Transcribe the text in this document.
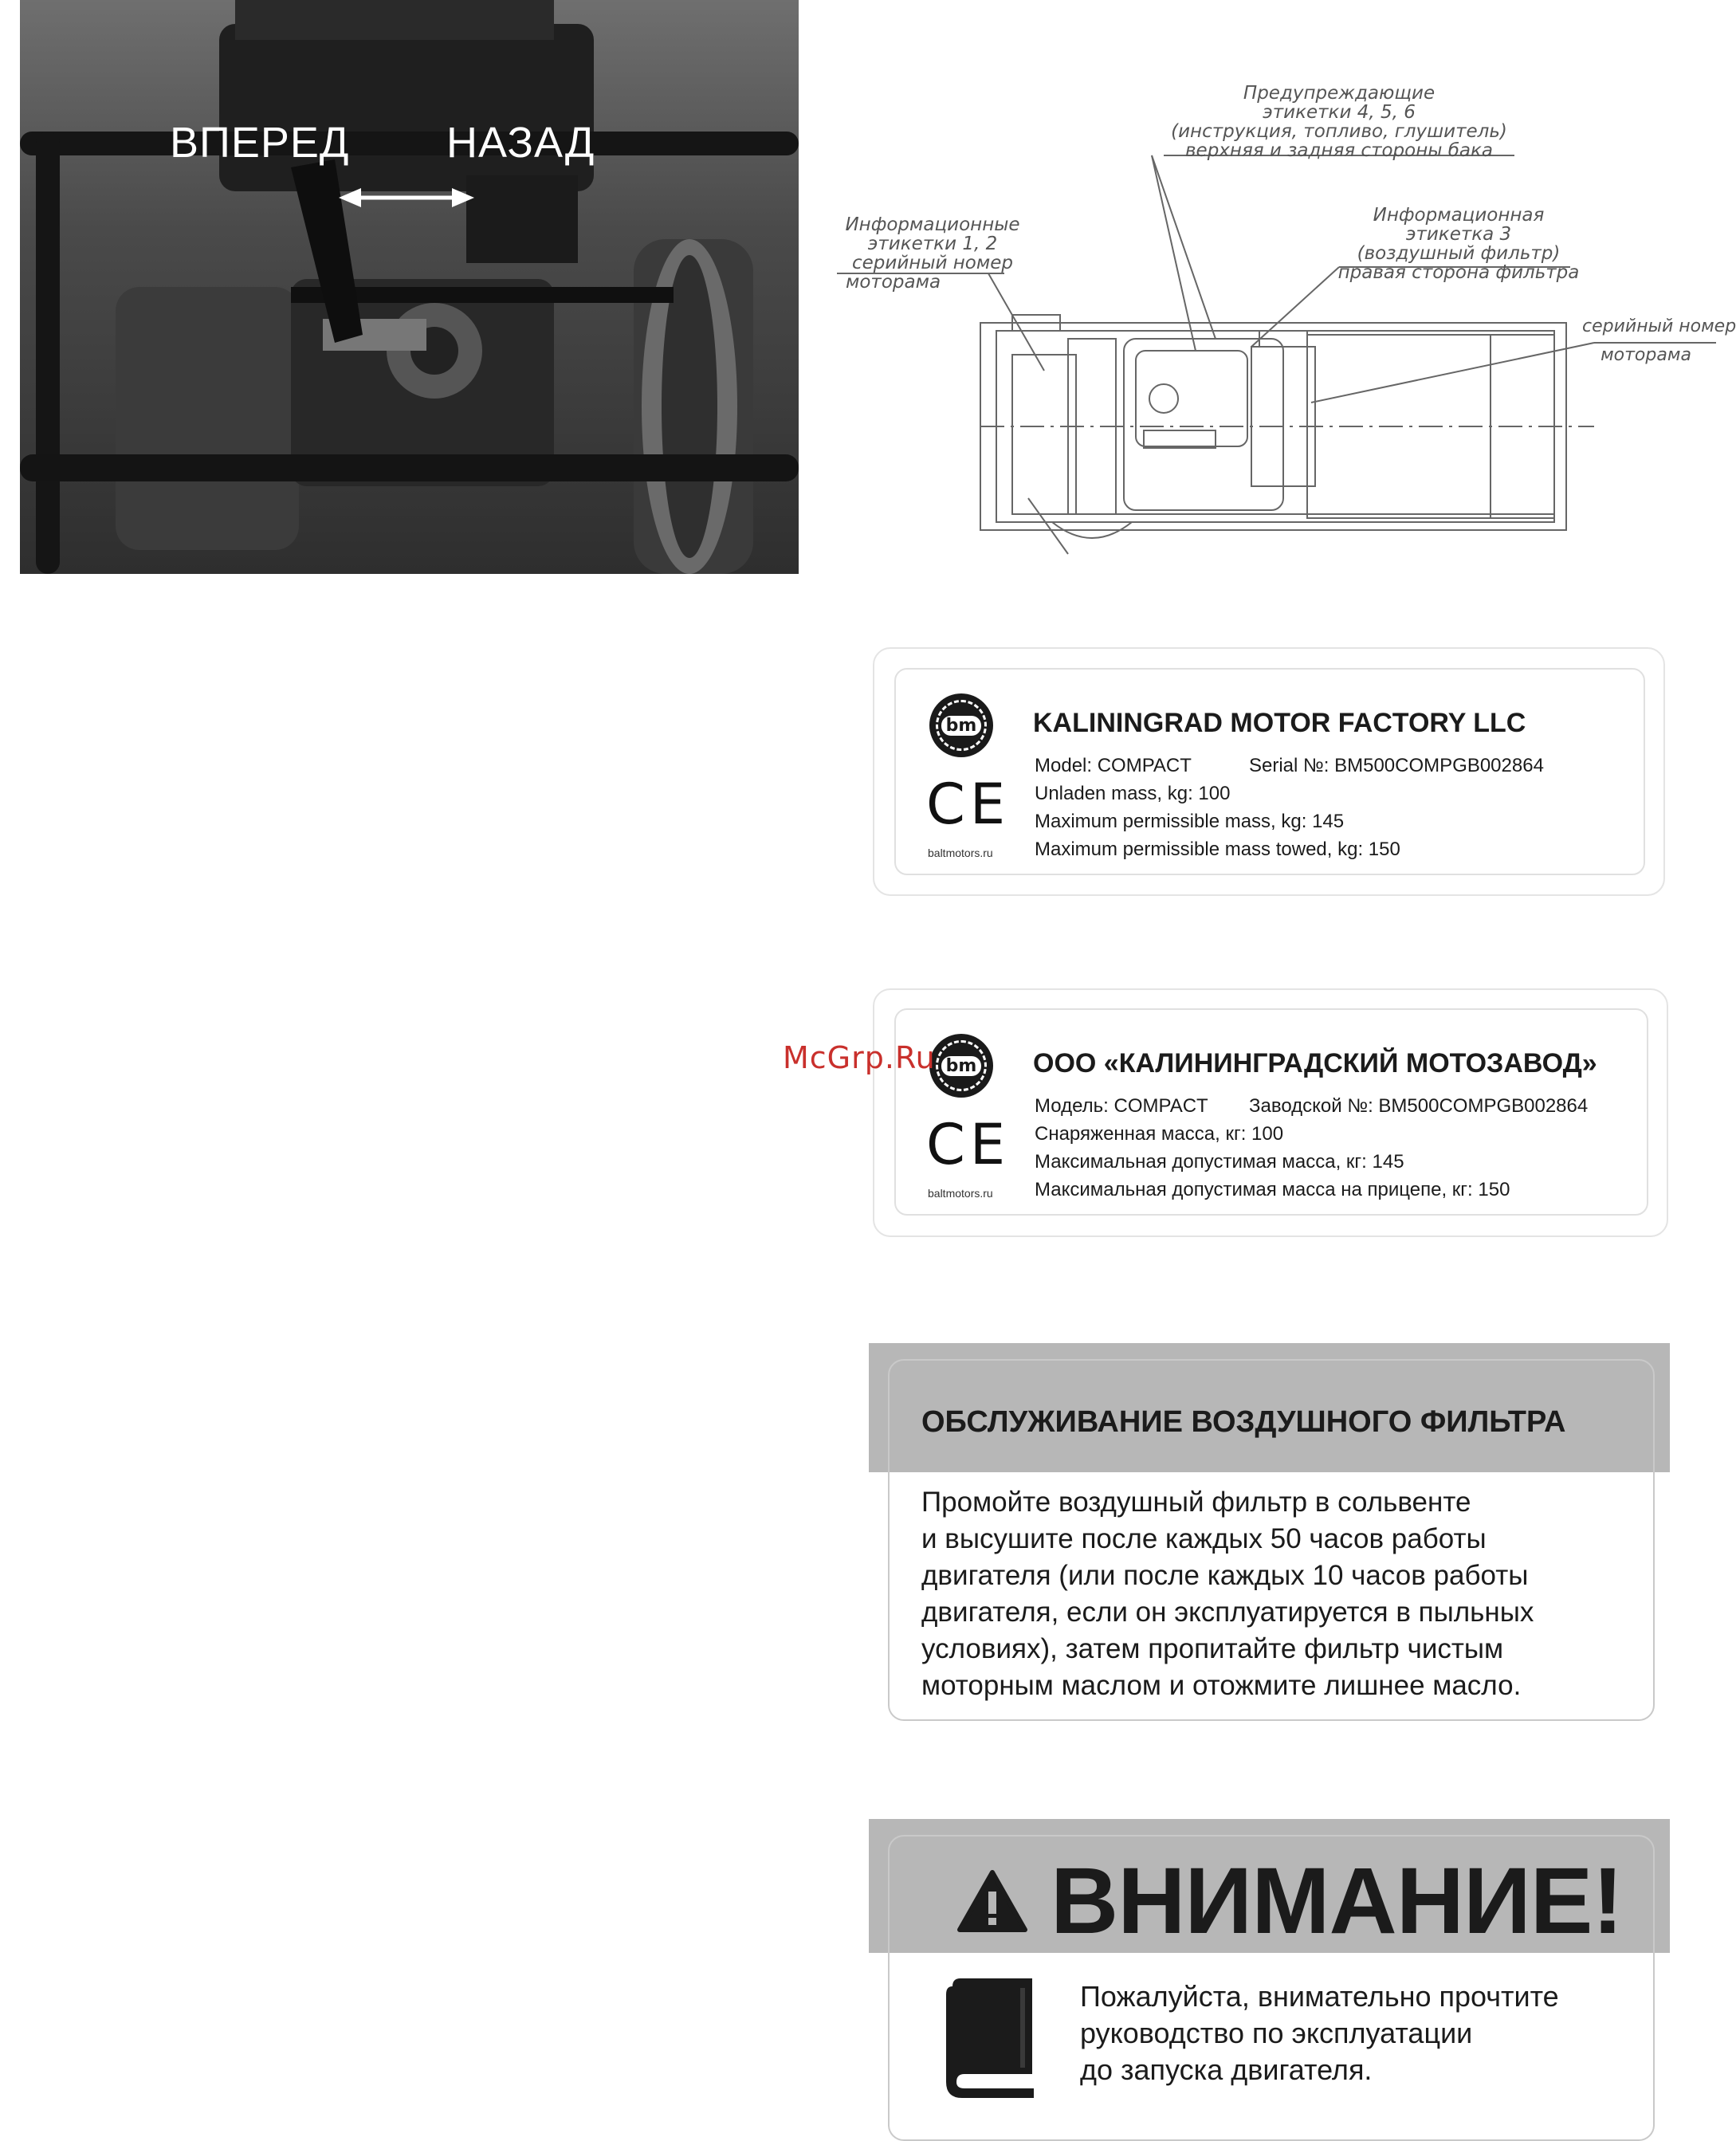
ВПЕРЕД НАЗАД
Предупреждающие
этикетки 4, 5, 6
(инструкция, топливо, глушитель)
верхняя и задняя стороны бака
Информационные
этикетки 1, 2
серийный номер
моторама
Информационная
этикетка 3
(воздушный фильтр)
правая сторона фильтра
серийный номер
моторама
bm
CE
baltmotors.ru
KALININGRAD MOTOR FACTORY LLC
Model: COMPACT	Serial №: BM500COMPGB002864
Unladen mass, kg: 100
Maximum permissible mass, kg: 145
Maximum permissible mass towed, kg: 150
bm
CE
baltmotors.ru
ООО «КАЛИНИНГРАДСКИЙ МОТОЗАВОД»
Модель: COMPACT Заводской №: BM500COMPGB002864
Снаряженная масса, кг: 100
Максимальная допустимая масса, кг: 145
Максимальная допустимая масса на прицепе, кг: 150
McGrp.Ru
ОБСЛУЖИВАНИЕ ВОЗДУШНОГО ФИЛЬТРА
Промойте воздушный фильтр в сольвенте
и высушите после каждых 50 часов работы
двигателя (или после каждых 10 часов работы
двигателя, если он эксплуатируется в пыльных
условиях), затем пропитайте фильтр чистым
моторным маслом и отожмите лишнее масло.
ВНИМАНИЕ!
Пожалуйста, внимательно прочтите
руководство по эксплуатации
до запуска двигателя.
